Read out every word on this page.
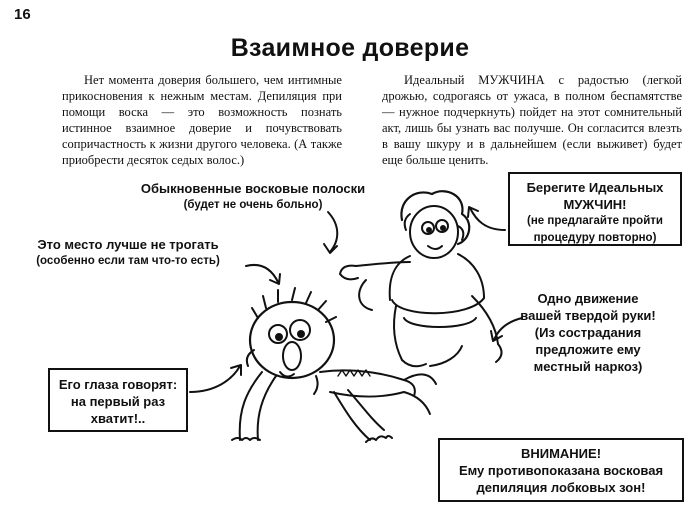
16
Взаимное доверие
Нет момента доверия большего, чем интимные прикосновения к нежным местам. Депиляция при помощи воска — это возможность познать истинное взаимное доверие и почувствовать сопричастность к жизни другого человека. (А также приобрести десяток седых волос.)
Идеальный МУЖЧИНА с радостью (легкой дрожью, содрогаясь от ужаса, в полном беспамятстве — нужное подчеркнуть) пойдет на этот сомнительный акт, лишь бы узнать вас получше. Он согласится влезть в вашу шкуру и в дальнейшем (если выживет) будет еще больше ценить.
Обыкновенные восковые полоски
(будет не очень больно)
Это место лучше не трогать
(особенно если там что-то есть)
Одно движение вашей твердой руки!
(Из сострадания предложите ему местный наркоз)
Берегите Идеальных МУЖЧИН!
(не предлагайте пройти процедуру повторно)
Его глаза говорят: на первый раз хватит!..
ВНИМАНИЕ!
Ему противопоказана восковая депиляция лобковых зон!
